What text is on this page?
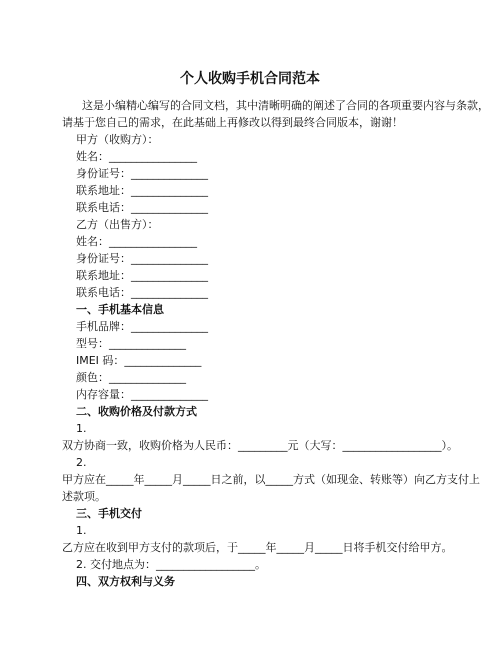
个人收购手机合同范本
这是小编精心编写的合同文档，其中清晰明确的阐述了合同的各项重要内容与条款，
请基于您自己的需求，在此基础上再修改以得到最终合同版本，谢谢！
甲方（收购方）：
姓名：________________
身份证号：______________
联系地址：______________
联系电话：______________
乙方（出售方）：
姓名：________________
身份证号：______________
联系地址：______________
联系电话：______________
一、手机基本信息
手机品牌：______________
型号：______________
IMEI 码：______________
颜色：______________
内存容量：______________
二、收购价格及付款方式
1.
双方协商一致，收购价格为人民币：_________元（大写：__________________）。
2.
甲方应在_____年_____月_____日之前，以_____方式（如现金、转账等）向乙方支付上
述款项。
三、手机交付
1.
乙方应在收到甲方支付的款项后，于_____年_____月_____日将手机交付给甲方。
2. 交付地点为：__________________。
四、双方权利与义务
